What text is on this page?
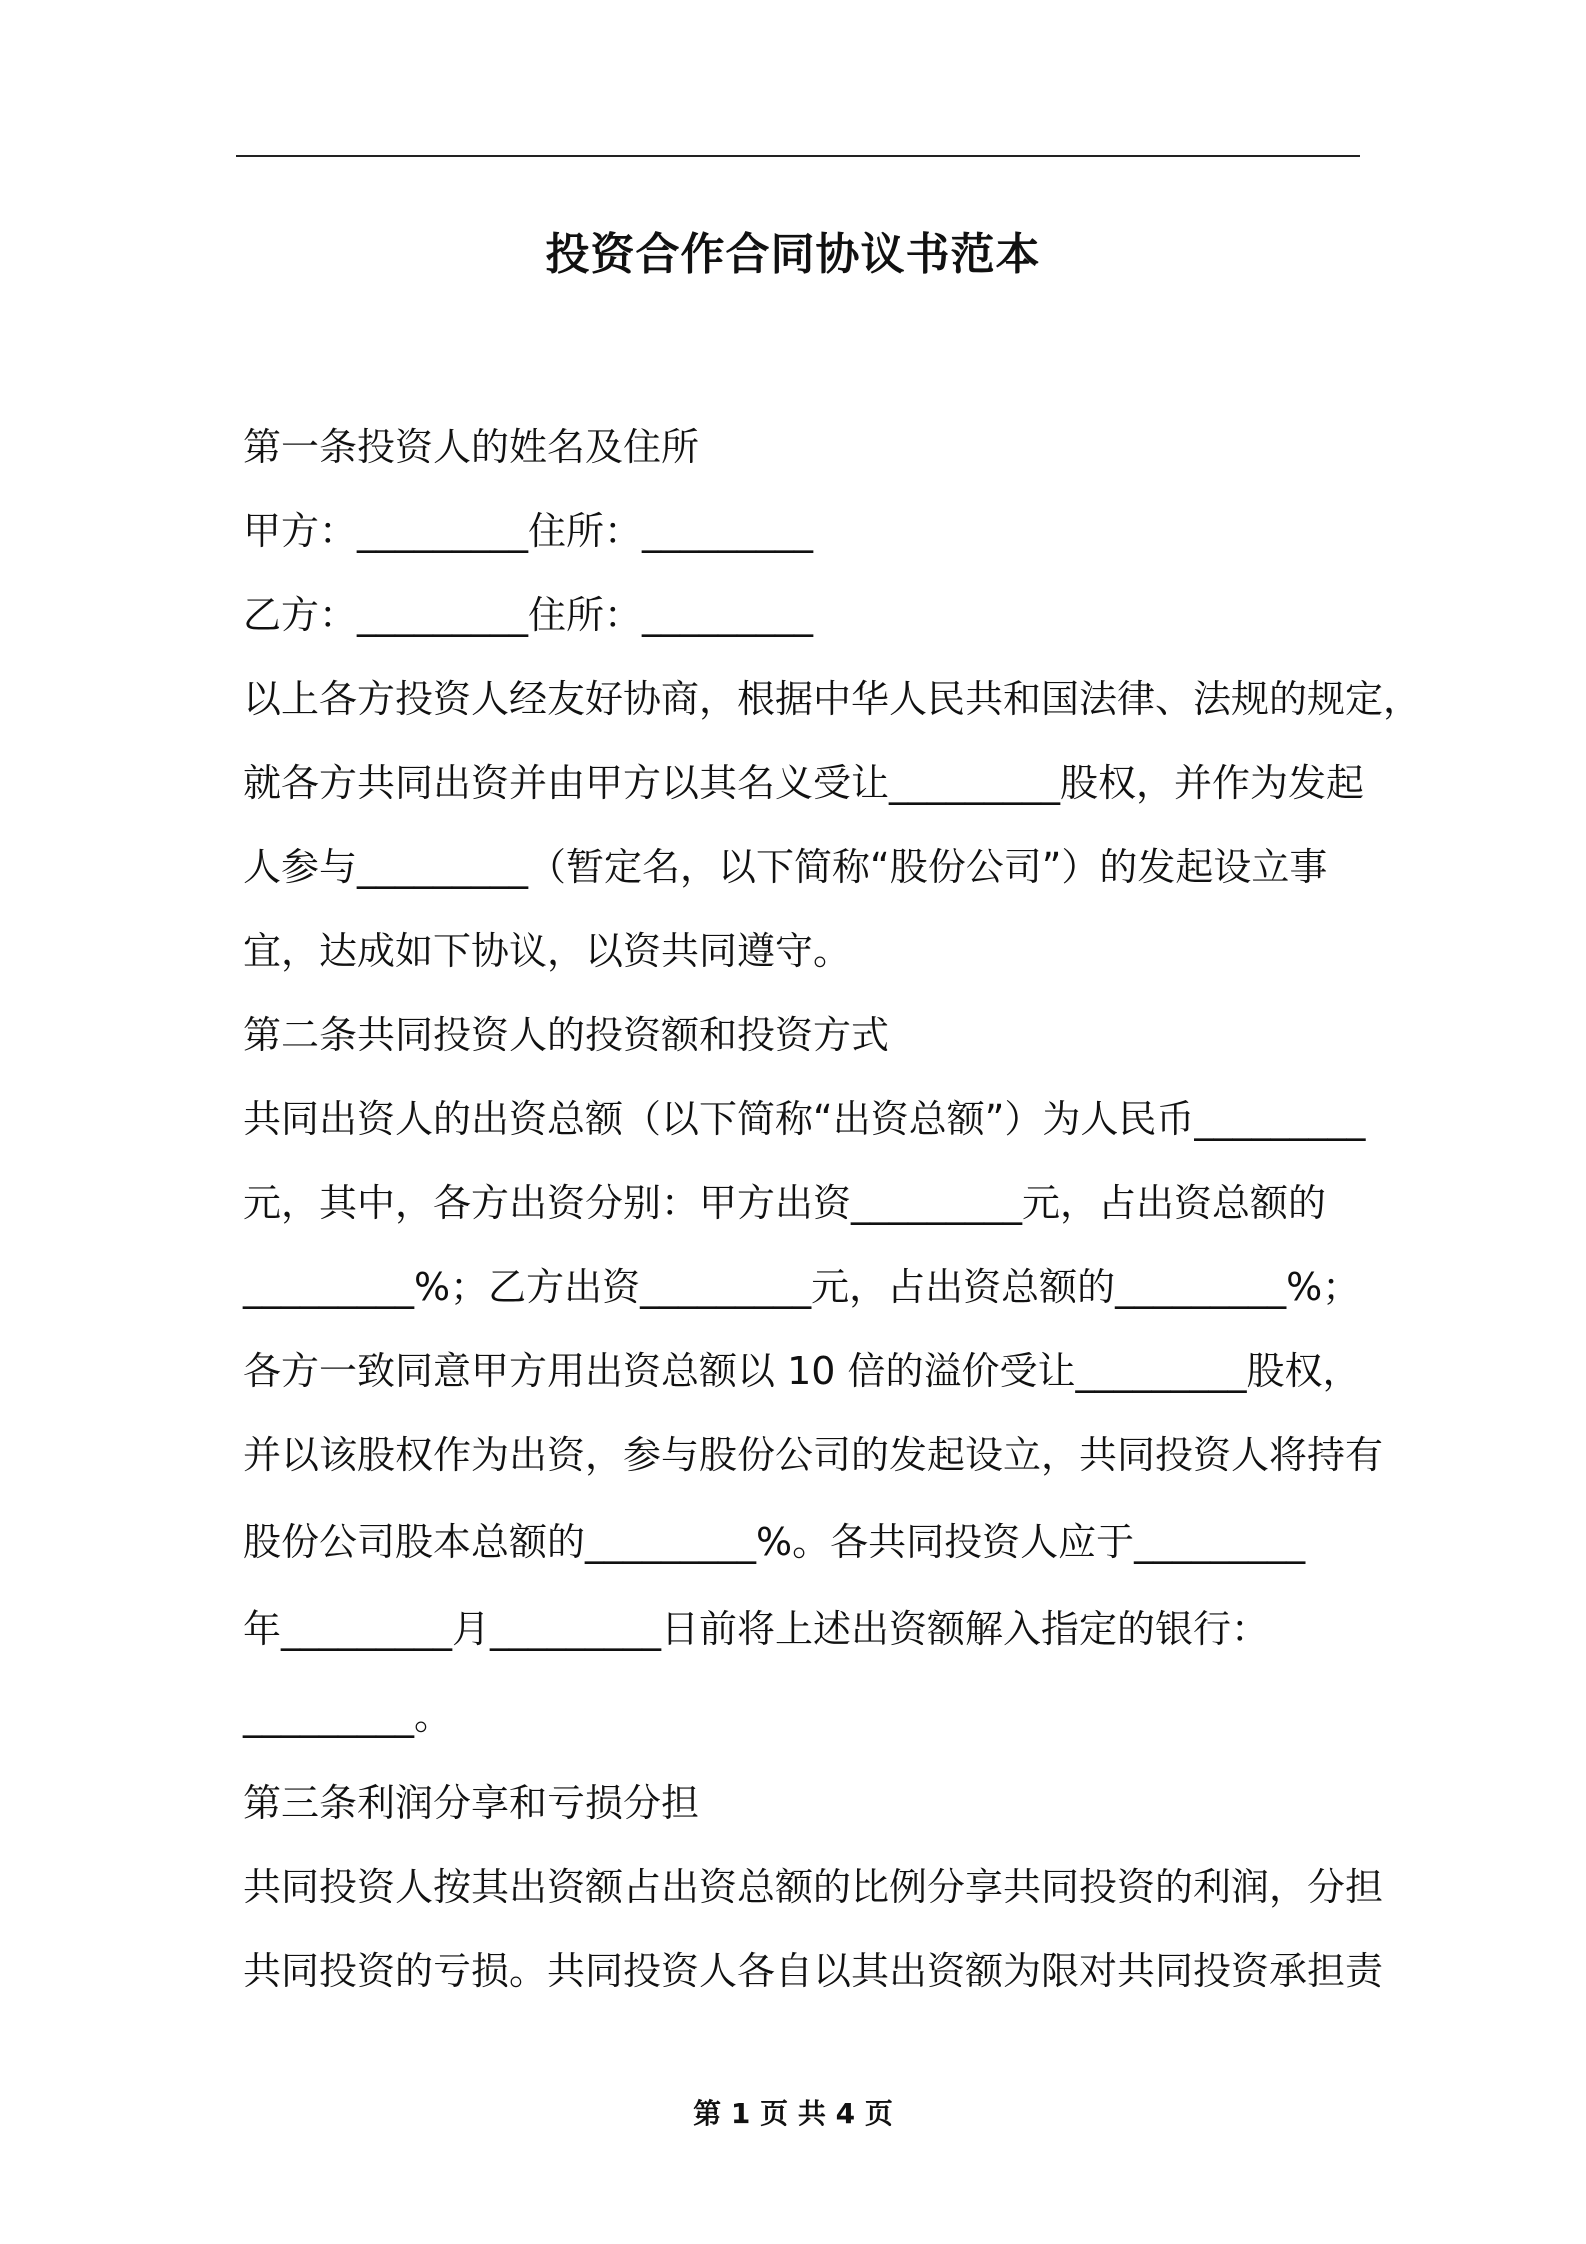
投资合作合同协议书范本
第一条投资人的姓名及住所
甲方：_________住所：_________
乙方：_________住所：_________
以上各方投资人经友好协商，根据中华人民共和国法律、法规的规定，
就各方共同出资并由甲方以其名义受让_________股权，并作为发起
人参与_________（暂定名，以下简称“股份公司”）的发起设立事
宜，达成如下协议，以资共同遵守。
第二条共同投资人的投资额和投资方式
共同出资人的出资总额（以下简称“出资总额”）为人民币_________
元，其中，各方出资分别：甲方出资_________元，占出资总额的
_________%；乙方出资_________元，占出资总额的_________%；
各方一致同意甲方用出资总额以 10 倍的溢价受让_________股权，
并以该股权作为出资，参与股份公司的发起设立，共同投资人将持有
股份公司股本总额的_________%。各共同投资人应于_________
年_________月_________日前将上述出资额解入指定的银行：
_________。
第三条利润分享和亏损分担
共同投资人按其出资额占出资总额的比例分享共同投资的利润，分担
共同投资的亏损。共同投资人各自以其出资额为限对共同投资承担责
第 1 页 共 4 页
